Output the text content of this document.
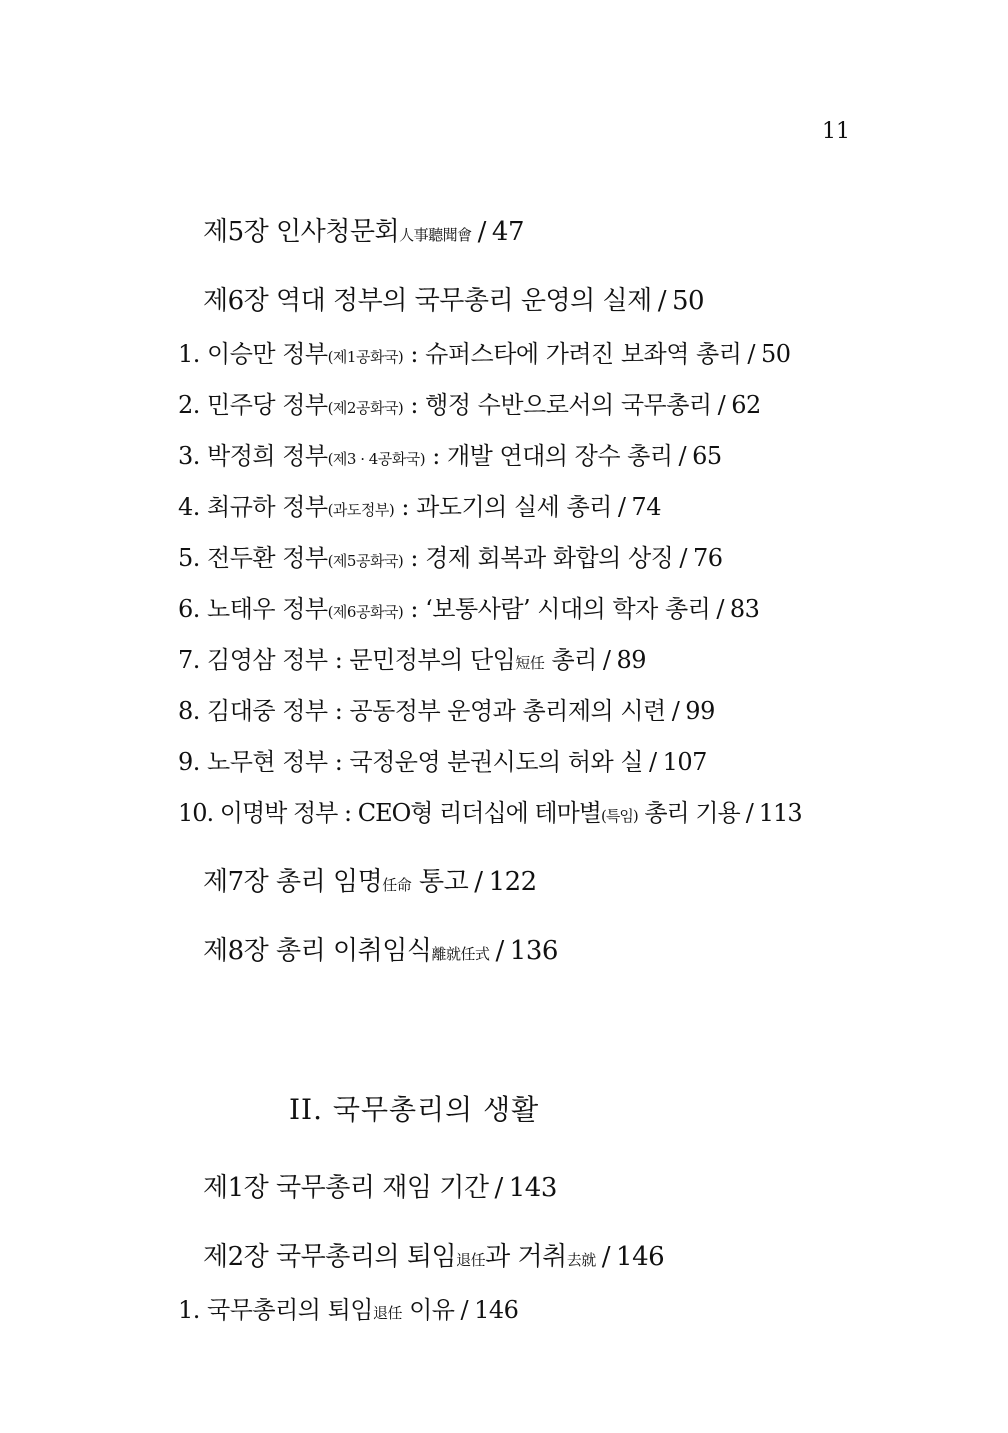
11
제5장 인사청문회人事聽聞會 / 47
제6장 역대 정부의 국무총리 운영의 실제 / 50
1. 이승만 정부(제1공화국) : 슈퍼스타에 가려진 보좌역 총리 / 50
2. 민주당 정부(제2공화국) : 행정 수반으로서의 국무총리 / 62
3. 박정희 정부(제3 · 4공화국) : 개발 연대의 장수 총리 / 65
4. 최규하 정부(과도정부) : 과도기의 실세 총리 / 74
5. 전두환 정부(제5공화국) : 경제 회복과 화합의 상징 / 76
6. 노태우 정부(제6공화국) : ‘보통사람’ 시대의 학자 총리 / 83
7. 김영삼 정부 : 문민정부의 단임短任 총리 / 89
8. 김대중 정부 : 공동정부 운영과 총리제의 시련 / 99
9. 노무현 정부 : 국정운영 분권시도의 허와 실 / 107
10. 이명박 정부 : CEO형 리더십에 테마별(특임) 총리 기용 / 113
제7장 총리 임명任命 통고 / 122
제8장 총리 이취임식離就任式 / 136
II. 국무총리의 생활
제1장 국무총리 재임 기간 / 143
제2장 국무총리의 퇴임退任과 거취去就 / 146
1. 국무총리의 퇴임退任 이유 / 146
